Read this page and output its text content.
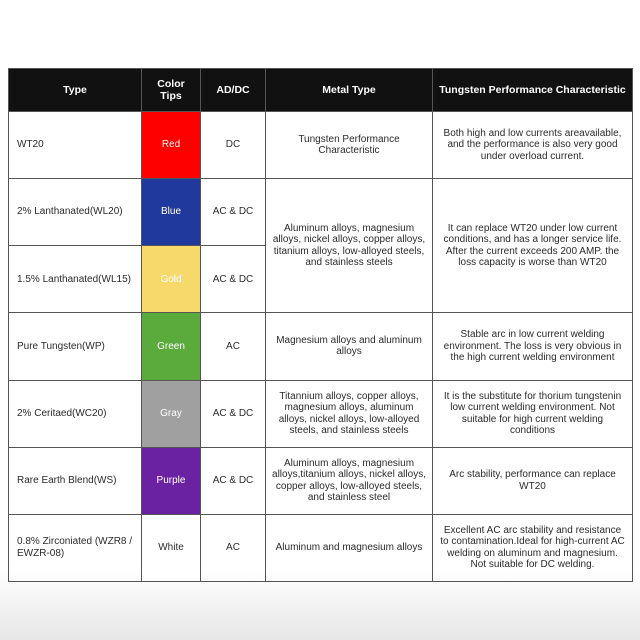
Type	Color Tips	AD/DC	Metal Type	Tungsten Performance Characteristic
WT20	Red	DC	Tungsten Performance Characteristic	Both high and low currents areavailable, and the performance is also very good under overload current.
2% Lanthanated(WL20)	Blue	AC & DC	Aluminum alloys, magnesium alloys, nickel alloys, copper alloys, titanium alloys, low-alloyed steels, and stainless steels	It can replace WT20 under low current conditions, and has a longer service life. After the current exceeds 200 AMP. the loss capacity is worse than WT20
1.5% Lanthanated(WL15)	Gold	AC & DC		
Pure Tungsten(WP)	Green	AC	Magnesium alloys and aluminum alloys	Stable arc in low current welding environment. The loss is very obvious in the high current welding environment
2% Ceritaed(WC20)	Gray	AC & DC	Titannium alloys, copper alloys, magnesium alloys, aluminum alloys, nickel alloys, low-alloyed steels, and stainless steels	It is the substitute for thorium tungstenin low current welding environment. Not suitable for high current welding conditions
Rare Earth Blend(WS)	Purple	AC & DC	Aluminum alloys, magnesium alloys,titanium alloys, nickel alloys, copper alloys, low-alloyed steels, and stainless steel	Arc stability, performance can replace WT20
0.8% Zirconiated (WZR8 / EWZR-08)	White	AC	Aluminum and magnesium alloys	Excellent AC arc stability and resistance to contamination.Ideal for high-current AC welding on aluminum and magnesium. Not suitable for DC welding.
